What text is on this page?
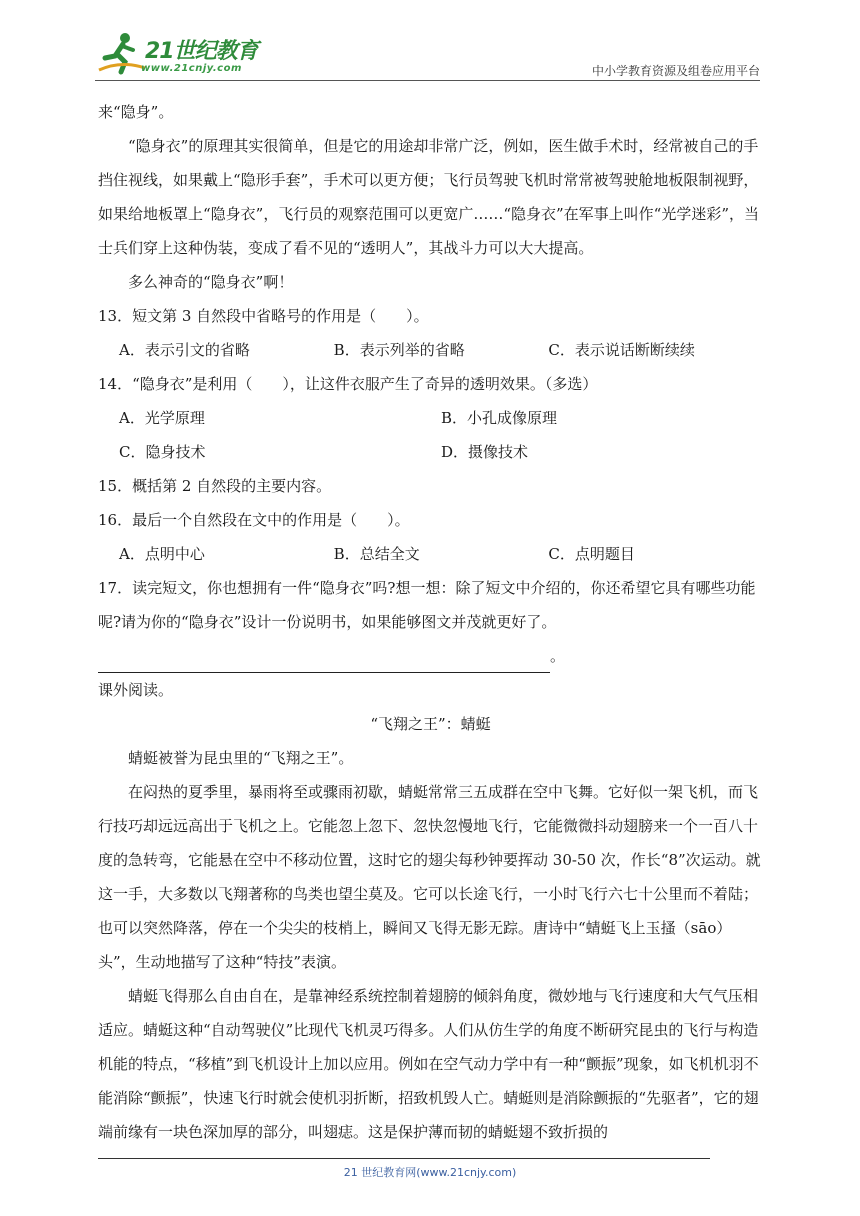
21世纪教育
www.21cnjy.com	中小学教育资源及组卷应用平台

来“隐身”。

“隐身衣”的原理其实很简单，但是它的用途却非常广泛，例如，医生做手术时，经常被自己的手挡住视线，如果戴上“隐形手套”，手术可以更方便；飞行员驾驶飞机时常常被驾驶舱地板限制视野，如果给地板罩上“隐身衣”，飞行员的观察范围可以更宽广……“隐身衣”在军事上叫作“光学迷彩”，当士兵们穿上这种伪装，变成了看不见的“透明人”，其战斗力可以大大提高。

多么神奇的“隐身衣”啊！

13．短文第 3 自然段中省略号的作用是（　　）。

A．表示引文的省略	B．表示列举的省略	C．表示说话断断续续

14．“隐身衣”是利用（　　），让这件衣服产生了奇异的透明效果。（多选）

A．光学原理	B．小孔成像原理
C．隐身技术	D．摄像技术

15．概括第 2 自然段的主要内容。

16．最后一个自然段在文中的作用是（　　）。

A．点明中心	B．总结全文	C．点明题目

17．读完短文，你也想拥有一件“隐身衣”吗?想一想：除了短文中介绍的，你还希望它具有哪些功能呢?请为你的“隐身衣”设计一份说明书，如果能够图文并茂就更好了。

。

课外阅读。

“飞翔之王”：蜻蜓

蜻蜓被誉为昆虫里的“飞翔之王”。

在闷热的夏季里，暴雨将至或骤雨初歇，蜻蜓常常三五成群在空中飞舞。它好似一架飞机，而飞行技巧却远远高出于飞机之上。它能忽上忽下、忽快忽慢地飞行，它能微微抖动翅膀来一个一百八十度的急转弯，它能悬在空中不移动位置，这时它的翅尖每秒钟要挥动 30-50 次，作长“8”次运动。就这一手，大多数以飞翔著称的鸟类也望尘莫及。它可以长途飞行，一小时飞行六七十公里而不着陆；也可以突然降落，停在一个尖尖的枝梢上，瞬间又飞得无影无踪。唐诗中“蜻蜓飞上玉搔（sāo）头”，生动地描写了这种“特技”表演。

蜻蜓飞得那么自由自在，是靠神经系统控制着翅膀的倾斜角度，微妙地与飞行速度和大气气压相适应。蜻蜓这种“自动驾驶仪”比现代飞机灵巧得多。人们从仿生学的角度不断研究昆虫的飞行与构造机能的特点，“移植”到飞机设计上加以应用。例如在空气动力学中有一种“颤振”现象，如飞机机羽不能消除“颤振”，快速飞行时就会使机羽折断，招致机毁人亡。蜻蜓则是消除颤振的“先驱者”，它的翅端前缘有一块色深加厚的部分，叫翅痣。这是保护薄而韧的蜻蜓翅不致折损的

21 世纪教育网(www.21cnjy.com)
